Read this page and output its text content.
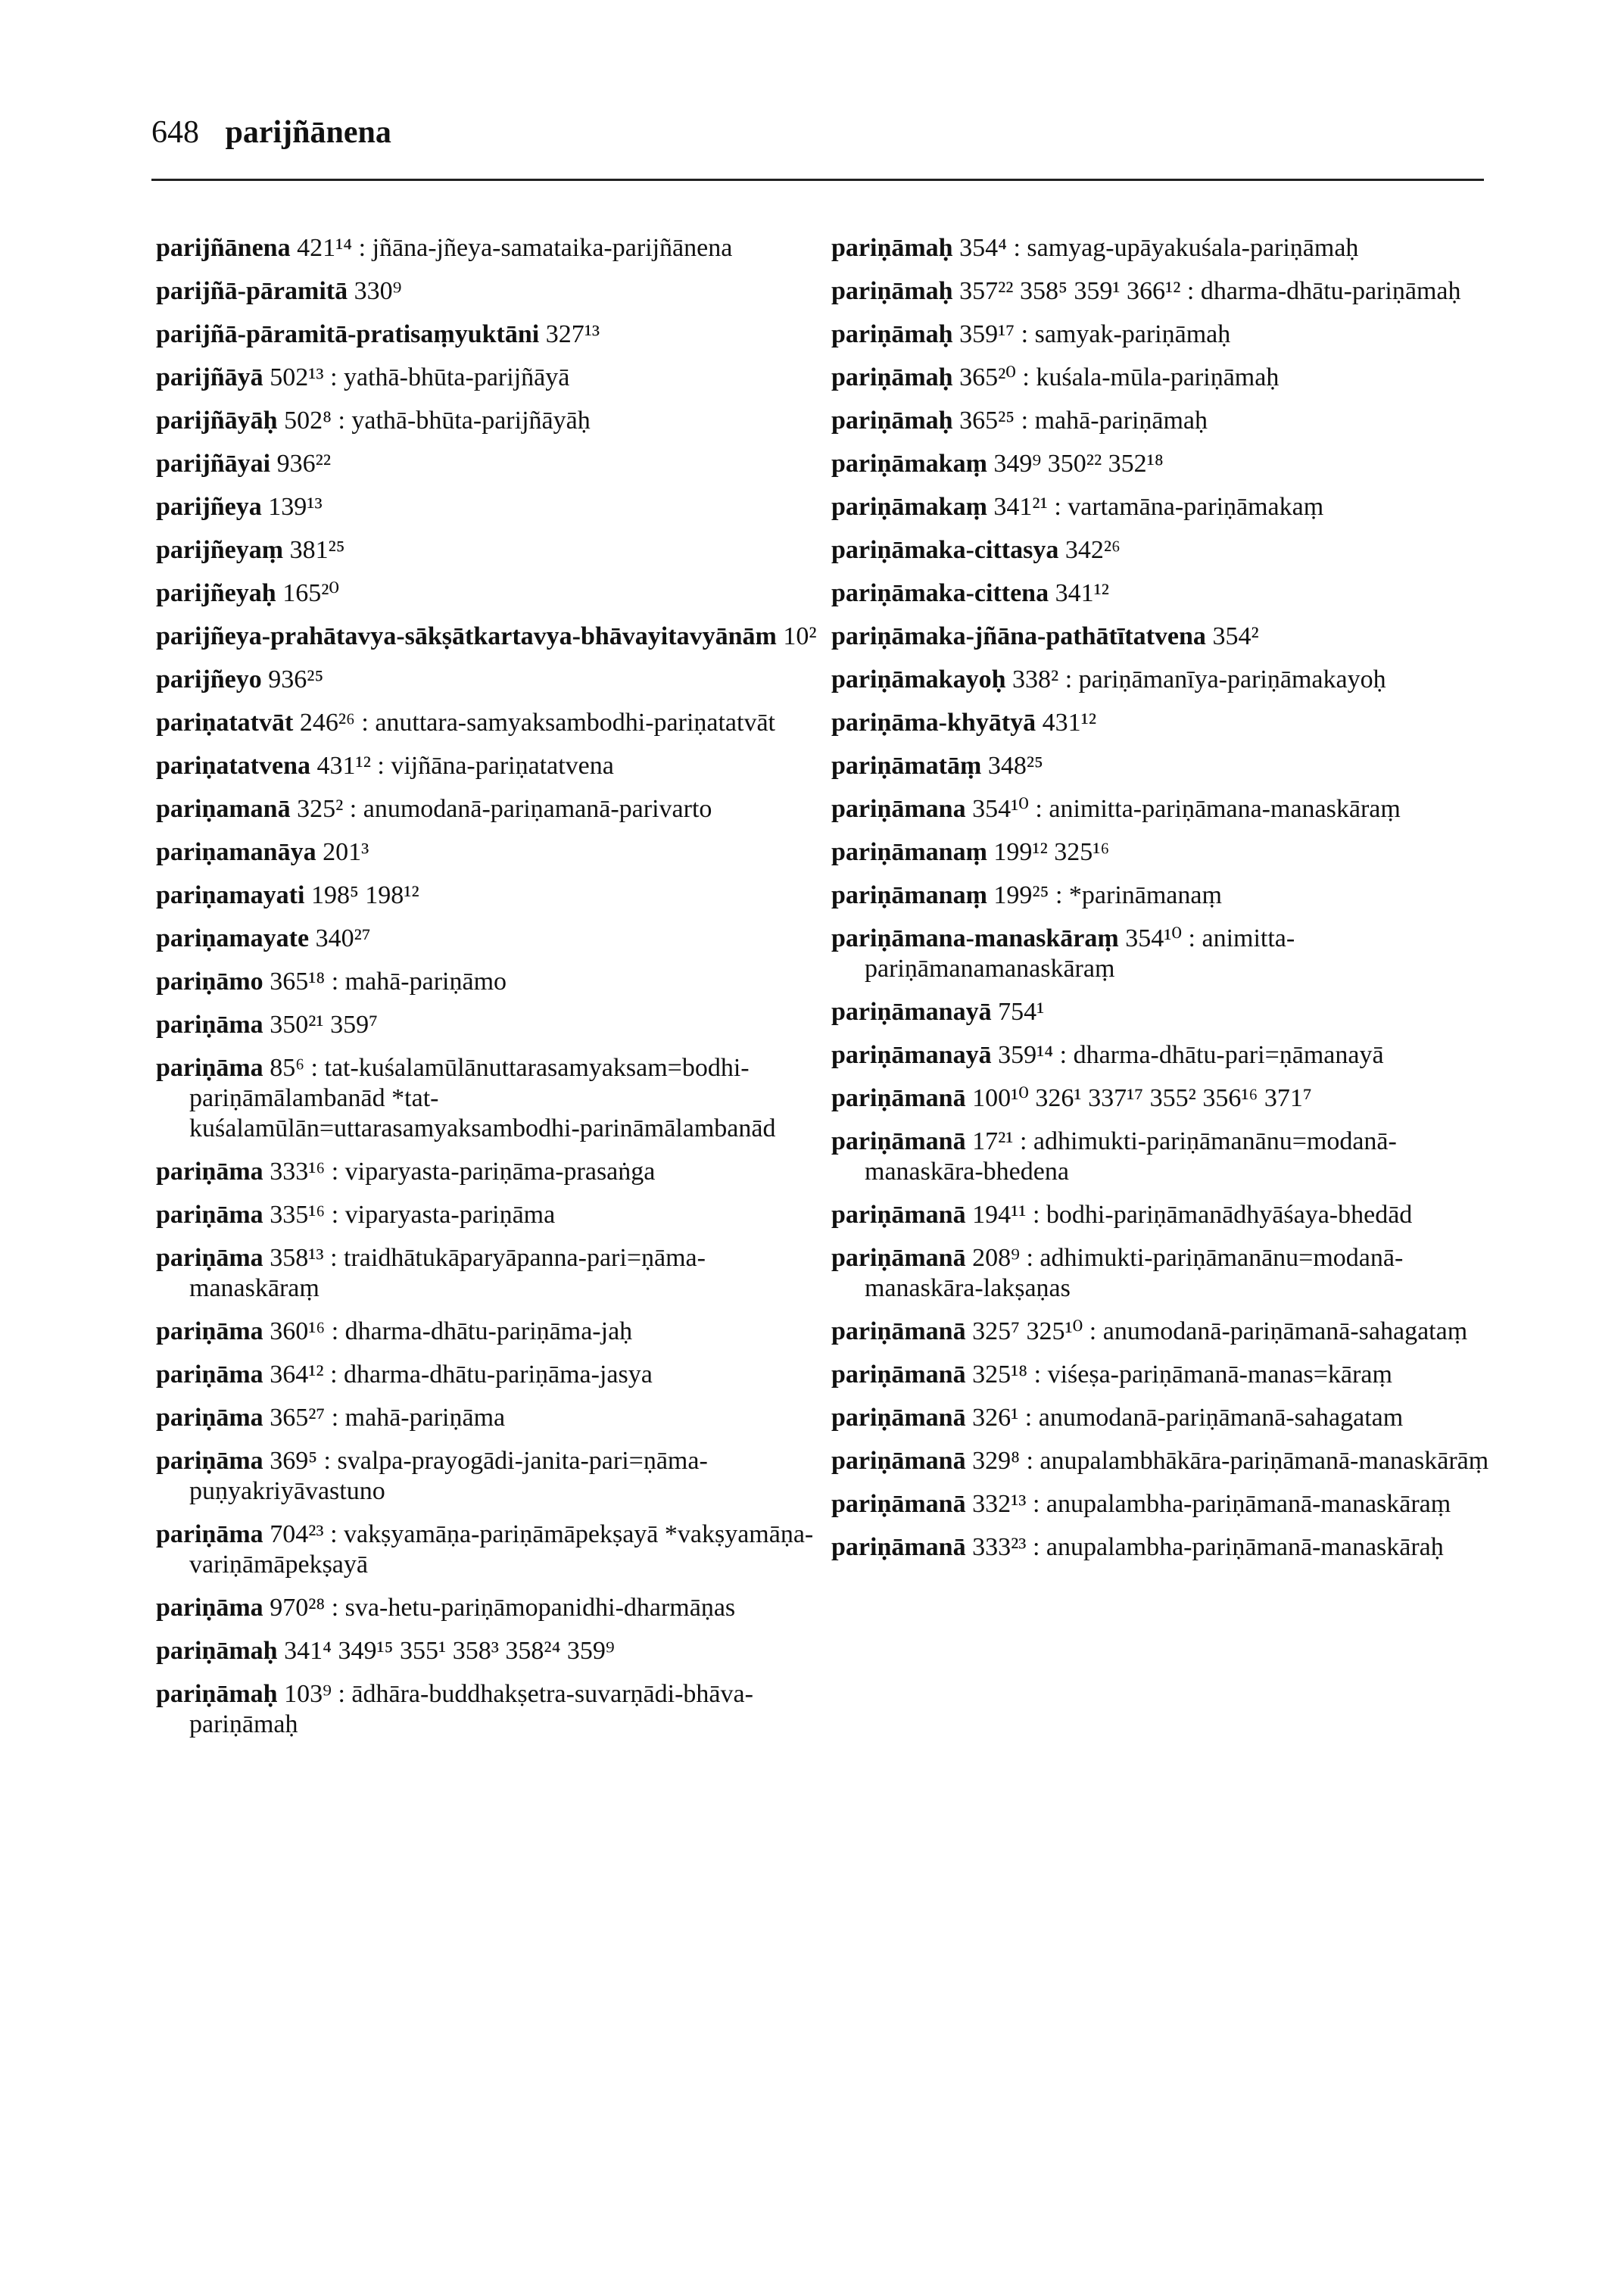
648 parijñānena
parijñānena 421¹⁴ : jñāna-jñeya-samataika-parijñānena
parijñā-pāramitā 330⁹
parijñā-pāramitā-pratisaṃyuktāni 327¹³
parijñāyā 502¹³ : yathā-bhūta-parijñāyā
parijñāyāḥ 502⁸ : yathā-bhūta-parijñāyāḥ
parijñāyai 936²²
parijñeya 139¹³
parijñeyaṃ 381²⁵
parijñeyaḥ 165²⁰
parijñeya-prahātavya-sākṣātkartavya-bhāvayitavyānām 10²
parijñeyo 936²⁵
pariṇatatvāt 246²⁶ : anuttara-samyaksambodhi-pariṇatatvāt
pariṇatatvena 431¹² : vijñāna-pariṇatatvena
pariṇamanā 325² : anumodanā-pariṇamanā-parivarto
pariṇamanāya 201³
pariṇamayati 198⁵ 198¹²
pariṇamayate 340²⁷
pariṇāmo 365¹⁸ : mahā-pariṇāmo
pariṇāma 350²¹ 359⁷
pariṇāma 85⁶ : tat-kuśalamūlānuttarasamyaksam=bodhi-pariṇāmālambanād *tat-kuśalamūlān=uttarasamyaksambodhi-parināmālambanād
pariṇāma 333¹⁶ : viparyasta-pariṇāma-prasaṅga
pariṇāma 335¹⁶ : viparyasta-pariṇāma
pariṇāma 358¹³ : traidhātukāparyāpanna-pari=ṇāma-manaskāraṃ
pariṇāma 360¹⁶ : dharma-dhātu-pariṇāma-jaḥ
pariṇāma 364¹² : dharma-dhātu-pariṇāma-jasya
pariṇāma 365²⁷ : mahā-pariṇāma
pariṇāma 369⁵ : svalpa-prayogādi-janita-pari=ṇāma-puṇyakriyāvastuno
pariṇāma 704²³ : vakṣyamāṇa-pariṇāmāpekṣayā *vakṣyamāṇa-variṇāmāpekṣayā
pariṇāma 970²⁸ : sva-hetu-pariṇāmopanidhi-dharmāṇas
pariṇāmaḥ 341⁴ 349¹⁵ 355¹ 358³ 358²⁴ 359⁹
pariṇāmaḥ 103⁹ : ādhāra-buddhakṣetra-suvarṇādi-bhāva-pariṇāmaḥ
pariṇāmaḥ 354⁴ : samyag-upāyakuśala-pariṇāmaḥ
pariṇāmaḥ 357²² 358⁵ 359¹ 366¹² : dharma-dhātu-pariṇāmaḥ
pariṇāmaḥ 359¹⁷ : samyak-pariṇāmaḥ
pariṇāmaḥ 365²⁰ : kuśala-mūla-pariṇāmaḥ
pariṇāmaḥ 365²⁵ : mahā-pariṇāmaḥ
pariṇāmakaṃ 349⁹ 350²² 352¹⁸
pariṇāmakaṃ 341²¹ : vartamāna-pariṇāmakaṃ
pariṇāmaka-cittasya 342²⁶
pariṇāmaka-cittena 341¹²
pariṇāmaka-jñāna-pathātītatvena 354²
pariṇāmakayoḥ 338² : pariṇāmanīya-pariṇāmakayoḥ
pariṇāma-khyātyā 431¹²
pariṇāmatāṃ 348²⁵
pariṇāmana 354¹⁰ : animitta-pariṇāmana-manaskāraṃ
pariṇāmanaṃ 199¹² 325¹⁶
pariṇāmanaṃ 199²⁵ : *parināmanaṃ
pariṇāmana-manaskāraṃ 354¹⁰ : animitta-pariṇāmanamanaskāraṃ
pariṇāmanayā 754¹
pariṇāmanayā 359¹⁴ : dharma-dhātu-pari=ṇāmanayā
pariṇāmanā 100¹⁰ 326¹ 337¹⁷ 355² 356¹⁶ 371⁷
pariṇāmanā 17²¹ : adhimukti-pariṇāmanānu=modanā-manaskāra-bhedena
pariṇāmanā 194¹¹ : bodhi-pariṇāmanādhyāśaya-bhedād
pariṇāmanā 208⁹ : adhimukti-pariṇāmanānu=modanā-manaskāra-lakṣaṇas
pariṇāmanā 325⁷ 325¹⁰ : anumodanā-pariṇāmanā-sahagataṃ
pariṇāmanā 325¹⁸ : viśeṣa-pariṇāmanā-manas=kāraṃ
pariṇāmanā 326¹ : anumodanā-pariṇāmanā-sahagatam
pariṇāmanā 329⁸ : anupalambhākāra-pariṇāmanā-manaskārāṃ
pariṇāmanā 332¹³ : anupalambha-pariṇāmanā-manaskāraṃ
pariṇāmanā 333²³ : anupalambha-pariṇāmanā-manaskāraḥ
